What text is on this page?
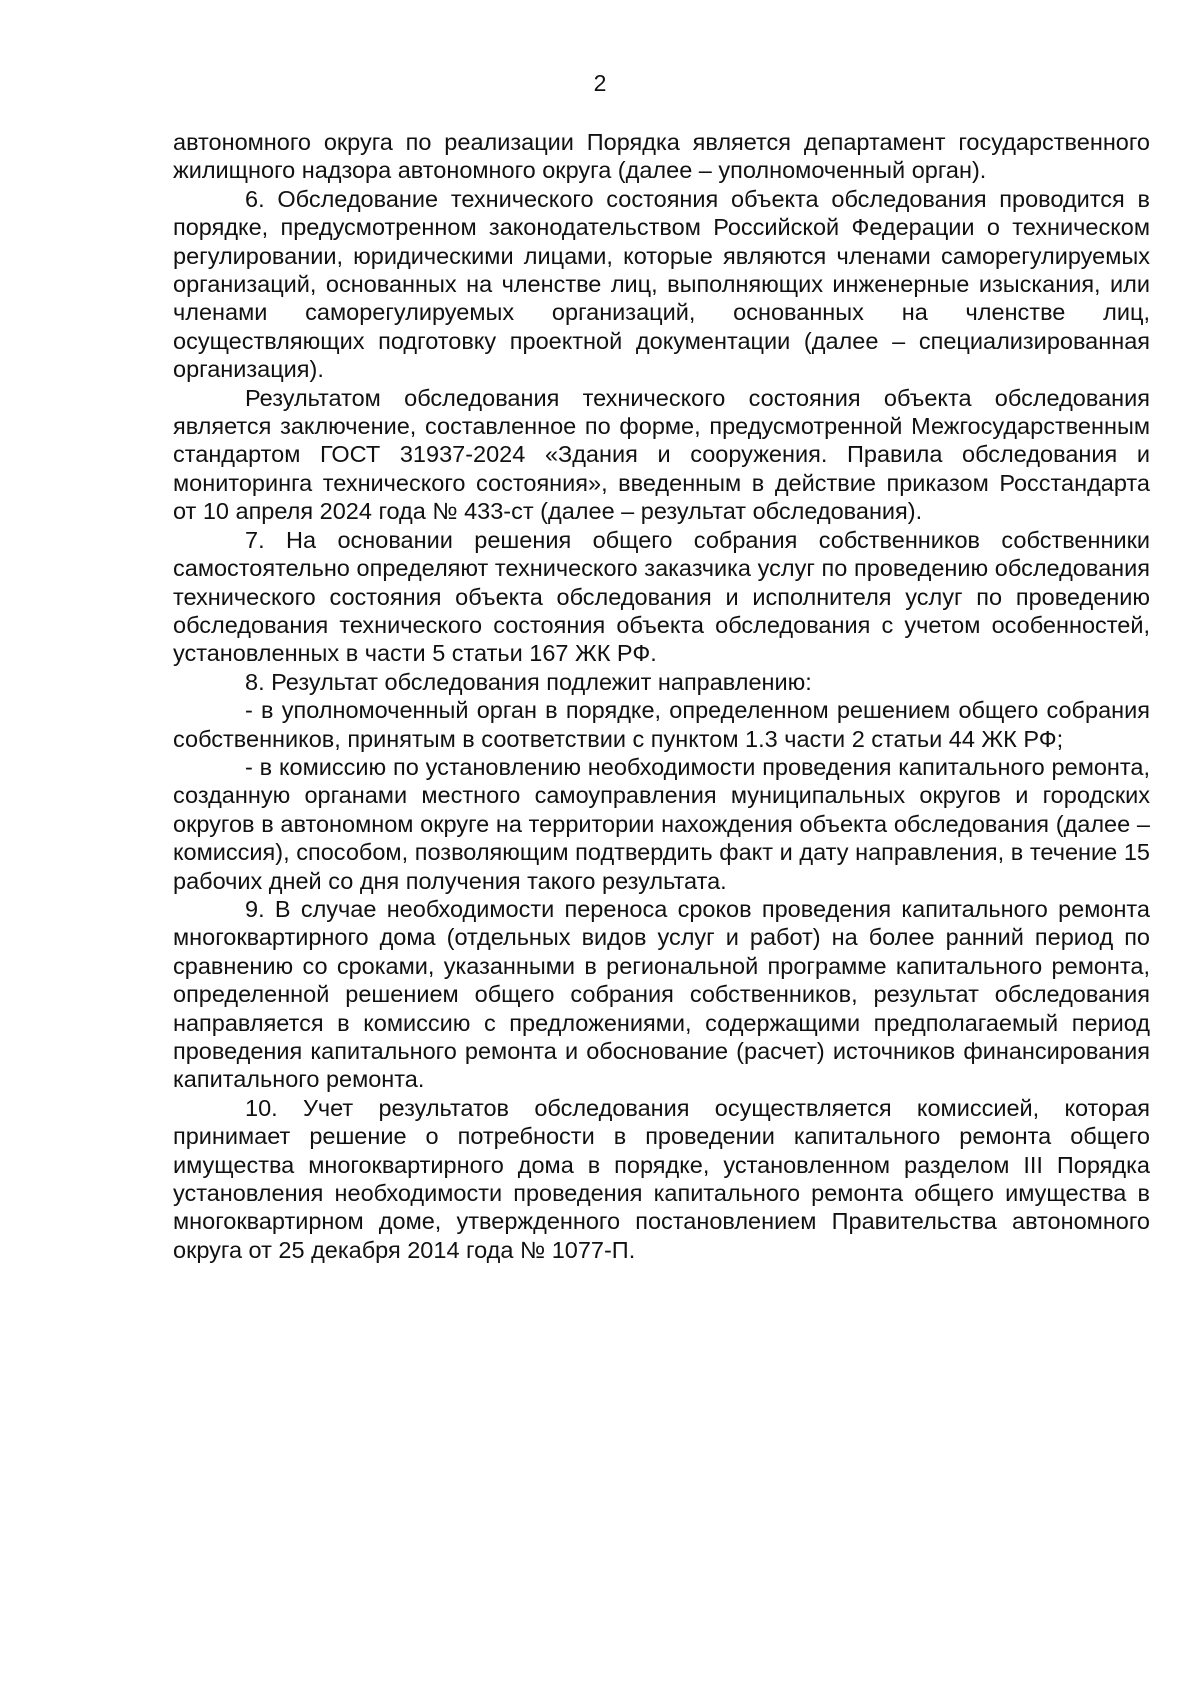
2

автономного округа по реализации Порядка является департамент государственного жилищного надзора автономного округа (далее – уполномоченный орган).

6. Обследование технического состояния объекта обследования проводится в порядке, предусмотренном законодательством Российской Федерации о техническом регулировании, юридическими лицами, которые являются членами саморегулируемых организаций, основанных на членстве лиц, выполняющих инженерные изыскания, или членами саморегулируемых организаций, основанных на членстве лиц, осуществляющих подготовку проектной документации (далее – специализированная организация).

Результатом обследования технического состояния объекта обследования является заключение, составленное по форме, предусмотренной Межгосударственным стандартом ГОСТ 31937-2024 «Здания и сооружения. Правила обследования и мониторинга технического состояния», введенным в действие приказом Росстандарта от 10 апреля 2024 года № 433-ст (далее – результат обследования).

7. На основании решения общего собрания собственников собственники самостоятельно определяют технического заказчика услуг по проведению обследования технического состояния объекта обследования и исполнителя услуг по проведению обследования технического состояния объекта обследования с учетом особенностей, установленных в части 5 статьи 167 ЖК РФ.

8. Результат обследования подлежит направлению:

- в уполномоченный орган в порядке, определенном решением общего собрания собственников, принятым в соответствии с пунктом 1.3 части 2 статьи 44 ЖК РФ;

- в комиссию по установлению необходимости проведения капитального ремонта, созданную органами местного самоуправления муниципальных округов и городских округов в автономном округе на территории нахождения объекта обследования (далее – комиссия), способом, позволяющим подтвердить факт и дату направления, в течение 15 рабочих дней со дня получения такого результата.

9. В случае необходимости переноса сроков проведения капитального ремонта многоквартирного дома (отдельных видов услуг и работ) на более ранний период по сравнению со сроками, указанными в региональной программе капитального ремонта, определенной решением общего собрания собственников, результат обследования направляется в комиссию с предложениями, содержащими предполагаемый период проведения капитального ремонта и обоснование (расчет) источников финансирования капитального ремонта.

10. Учет результатов обследования осуществляется комиссией, которая принимает решение о потребности в проведении капитального ремонта общего имущества многоквартирного дома в порядке, установленном разделом III Порядка установления необходимости проведения капитального ремонта общего имущества в многоквартирном доме, утвержденного постановлением Правительства автономного округа от 25 декабря 2014 года № 1077-П.
